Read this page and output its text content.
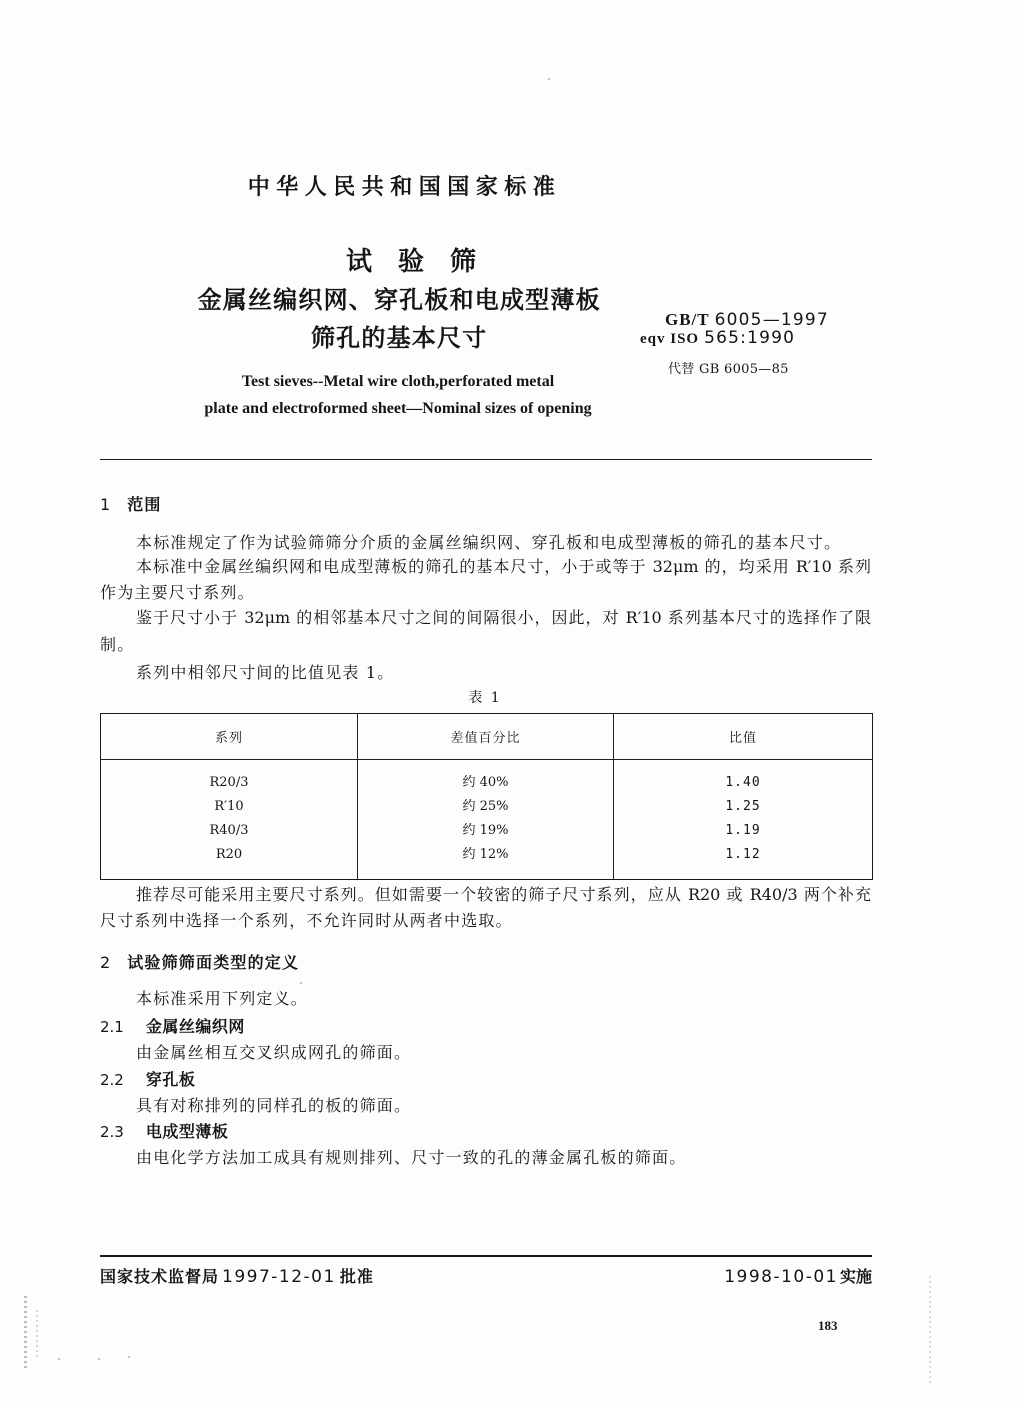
中华人民共和国国家标准
试验筛
金属丝编织网、穿孔板和电成型薄板
筛孔的基本尺寸
GB/T 6005—1997
eqv ISO 565:1990
代替 GB 6005—85
Test sieves--Metal wire cloth,perforated metal
plate and electroformed sheet—Nominal sizes of opening
1 范围
本标准规定了作为试验筛筛分介质的金属丝编织网、穿孔板和电成型薄板的筛孔的基本尺寸。
本标准中金属丝编织网和电成型薄板的筛孔的基本尺寸，小于或等于 32μm 的，均采用 R′10 系列
作为主要尺寸系列。
鉴于尺寸小于 32μm 的相邻基本尺寸之间的间隔很小，因此，对 R′10 系列基本尺寸的选择作了限
制。
系列中相邻尺寸间的比值见表 1。
表 1
系列	差值百分比	比值
R20/3	约 40%	1.40
R′10	约 25%	1.25
R40/3	约 19%	1.19
R20	约 12%	1.12
推荐尽可能采用主要尺寸系列。但如需要一个较密的筛子尺寸系列，应从 R20 或 R40/3 两个补充
尺寸系列中选择一个系列，不允许同时从两者中选取。
2 试验筛筛面类型的定义
本标准采用下列定义。
2.1 金属丝编织网
由金属丝相互交叉织成网孔的筛面。
2.2 穿孔板
具有对称排列的同样孔的板的筛面。
2.3 电成型薄板
由电化学方法加工成具有规则排列、尺寸一致的孔的薄金属孔板的筛面。
国家技术监督局 1997-12-01 批准	1998-10-01 实施
183
